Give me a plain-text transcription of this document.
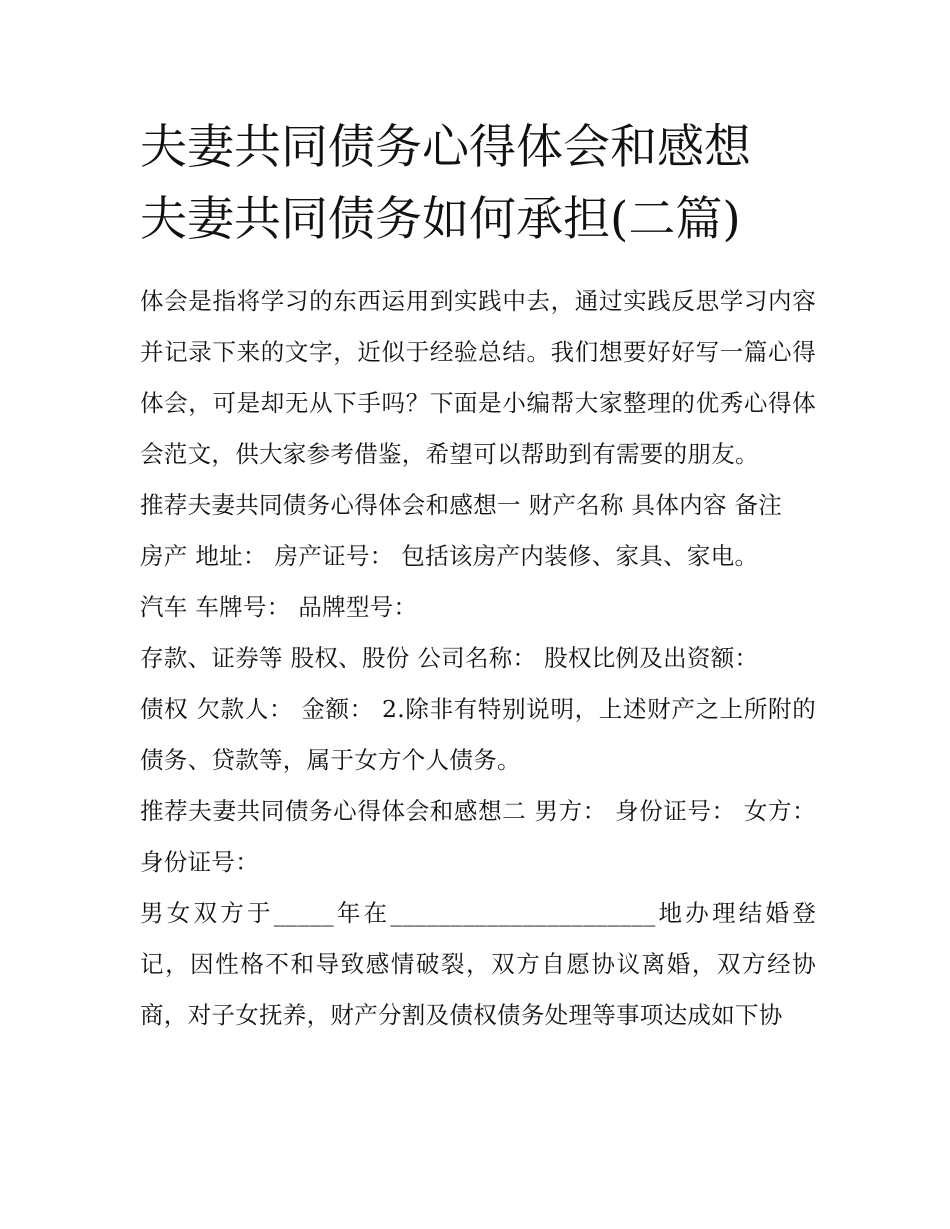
夫妻共同债务心得体会和感想
夫妻共同债务如何承担(二篇)

体会是指将学习的东西运用到实践中去，通过实践反思学习内容并记录下来的文字，近似于经验总结。我们想要好好写一篇心得体会，可是却无从下手吗？下面是小编帮大家整理的优秀心得体会范文，供大家参考借鉴，希望可以帮助到有需要的朋友。

推荐夫妻共同债务心得体会和感想一 财产名称 具体内容 备注

房产 地址： 房产证号： 包括该房产内装修、家具、家电。

汽车 车牌号： 品牌型号：

存款、证券等 股权、股份 公司名称： 股权比例及出资额：

债权 欠款人： 金额： 2.除非有特别说明，上述财产之上所附的债务、贷款等，属于女方个人债务。

推荐夫妻共同债务心得体会和感想二 男方： 身份证号： 女方： 身份证号：

男女双方于_____年在______________________地办理结婚登记，因性格不和导致感情破裂，双方自愿协议离婚，双方经协商，对子女抚养，财产分割及债权债务处理等事项达成如下协
